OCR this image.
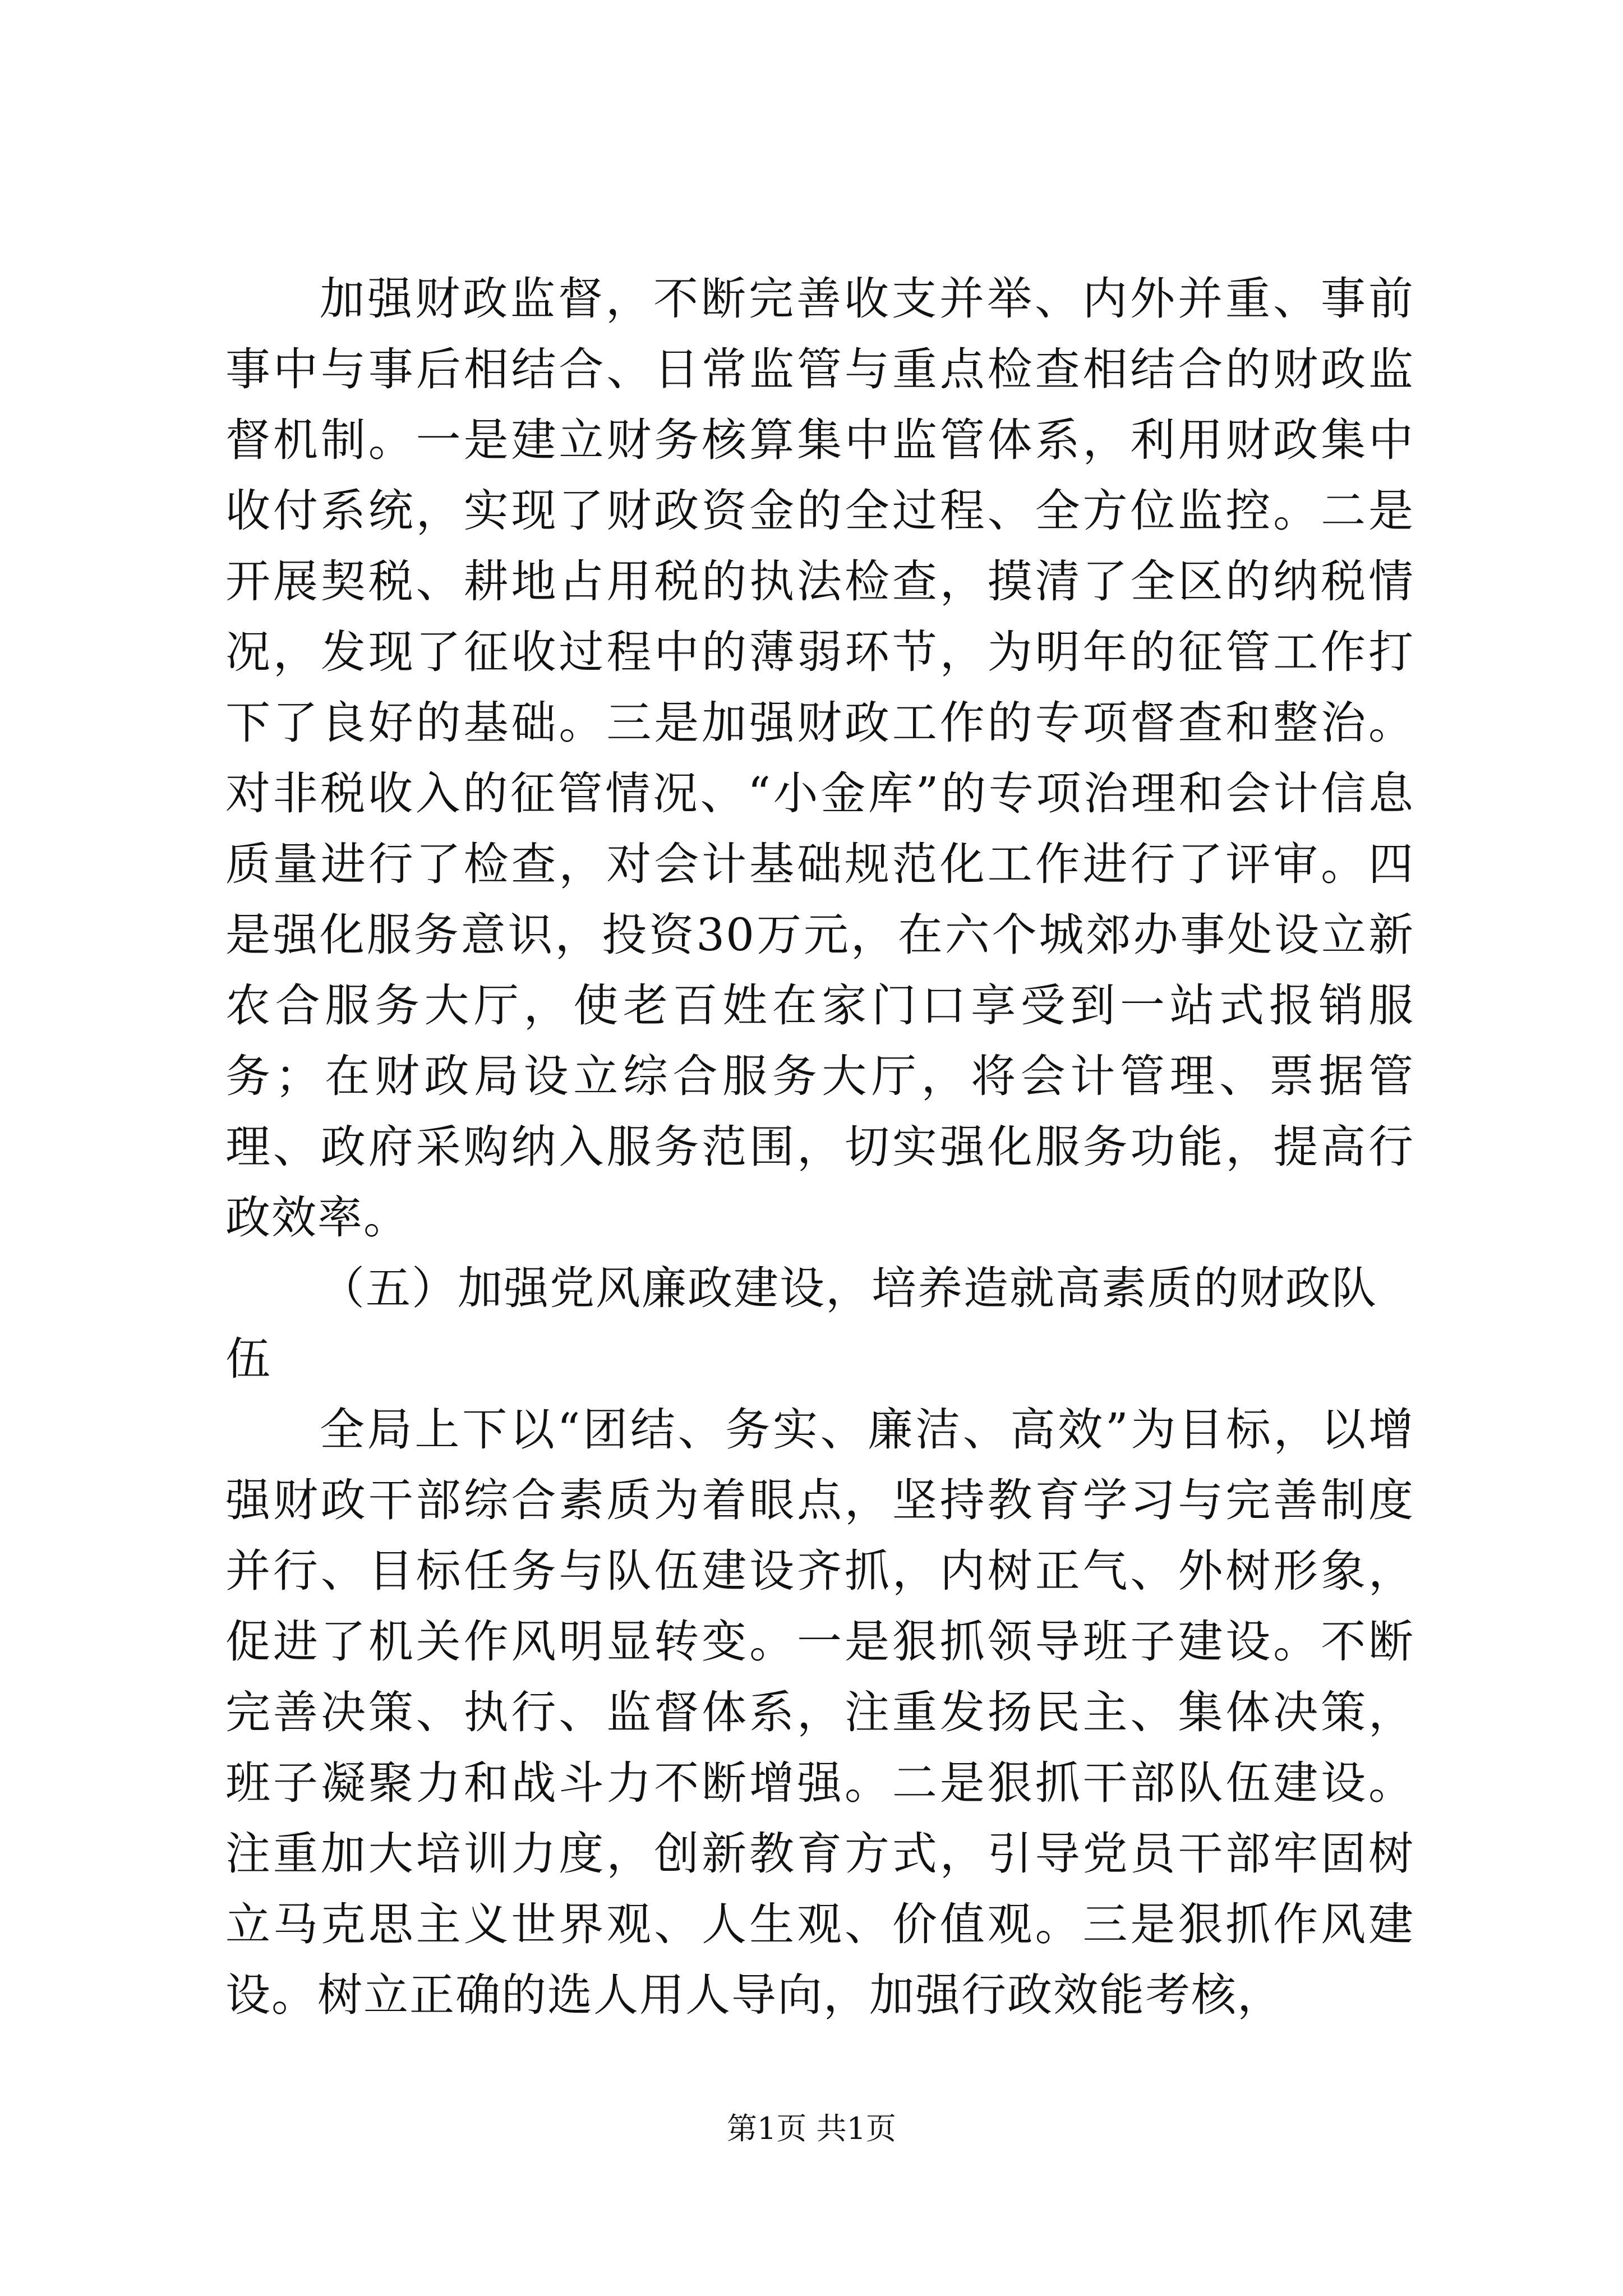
加强财政监督，不断完善收支并举、内外并重、事前事中与事后相结合、日常监管与重点检查相结合的财政监督机制。一是建立财务核算集中监管体系，利用财政集中收付系统，实现了财政资金的全过程、全方位监控。二是开展契税、耕地占用税的执法检查，摸清了全区的纳税情况，发现了征收过程中的薄弱环节，为明年的征管工作打下了良好的基础。三是加强财政工作的专项督查和整治。对非税收入的征管情况、“小金库”的专项治理和会计信息质量进行了检查，对会计基础规范化工作进行了评审。四是强化服务意识，投资30万元，在六个城郊办事处设立新农合服务大厅，使老百姓在家门口享受到一站式报销服务；在财政局设立综合服务大厅，将会计管理、票据管理、政府采购纳入服务范围，切实强化服务功能，提高行政效率。

（五）加强党风廉政建设，培养造就高素质的财政队伍

全局上下以“团结、务实、廉洁、高效”为目标，以增强财政干部综合素质为着眼点，坚持教育学习与完善制度并行、目标任务与队伍建设齐抓，内树正气、外树形象，促进了机关作风明显转变。一是狠抓领导班子建设。不断完善决策、执行、监督体系，注重发扬民主、集体决策，班子凝聚力和战斗力不断增强。二是狠抓干部队伍建设。注重加大培训力度，创新教育方式，引导党员干部牢固树立马克思主义世界观、人生观、价值观。三是狠抓作风建设。树立正确的选人用人导向，加强行政效能考核，

第1页 共1页
